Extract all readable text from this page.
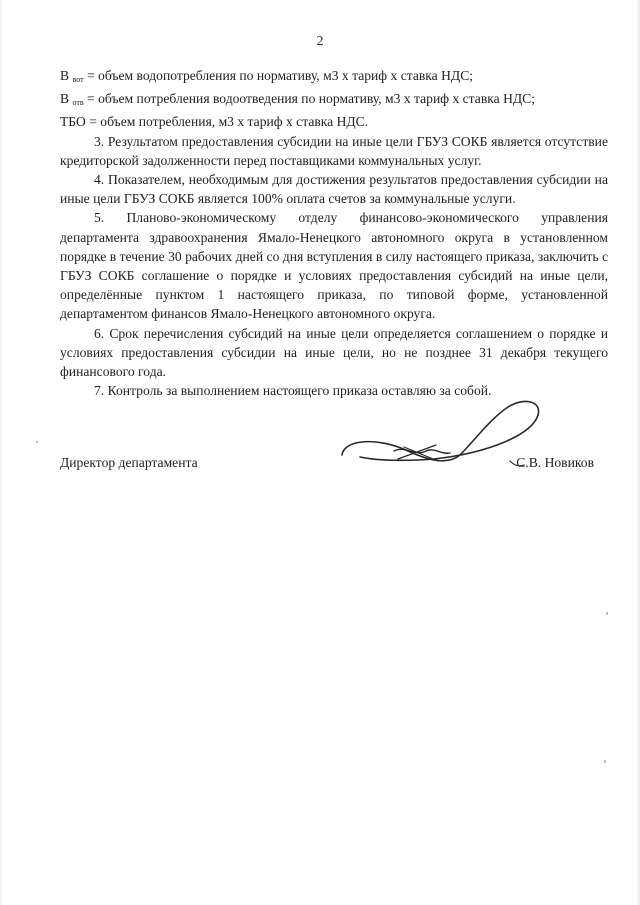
2

В $_{вот}$ = объем водопотребления по нормативу, м3 х тариф х ставка НДС;

В $_{отв}$ = объем потребления водоотведения по нормативу, м3 х тариф х ставка НДС;

ТБО = объем потребления, м3 х тариф х ставка НДС.

3. Результатом предоставления субсидии на иные цели ГБУЗ СОКБ является отсутствие кредиторской задолженности перед поставщиками коммунальных услуг.

4. Показателем, необходимым для достижения результатов предоставления субсидии на иные цели ГБУЗ СОКБ является 100% оплата счетов за коммунальные услуги.

5. Планово-экономическому отделу финансово-экономического управления департамента здравоохранения Ямало-Ненецкого автономного округа в установленном порядке в течение 30 рабочих дней со дня вступления в силу настоящего приказа, заключить с ГБУЗ СОКБ соглашение о порядке и условиях предоставления субсидий на иные цели, определённые пунктом 1 настоящего приказа, по типовой форме, установленной департаментом финансов Ямало-Ненецкого автономного округа.

6. Срок перечисления субсидий на иные цели определяется соглашением о порядке и условиях предоставления субсидии на иные цели, но не позднее 31 декабря текущего финансового года.

7. Контроль за выполнением настоящего приказа оставляю за собой.

Директор департамента	С.В. Новиков
